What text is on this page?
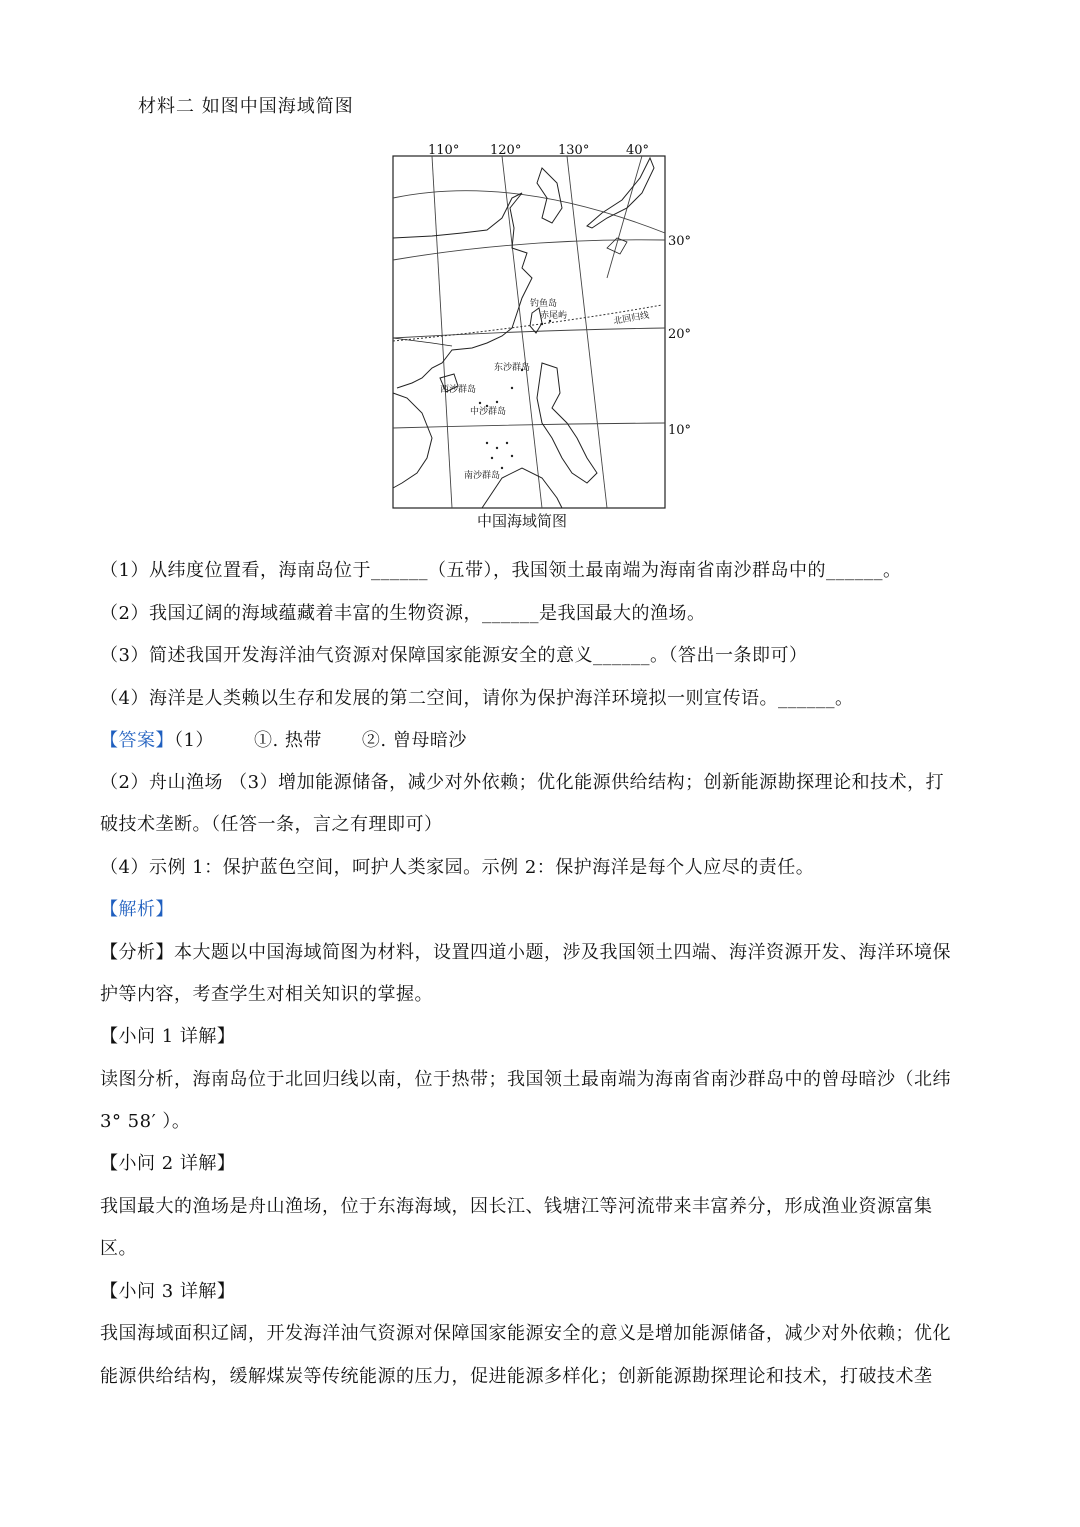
材料二 如图中国海域简图
110° 120°	130°	40°
30°
20°
10°
钓鱼岛
赤尾屿	北回归线
东沙群岛
西沙群岛
中沙群岛
南沙群岛
中国海域简图
（1）从纬度位置看，海南岛位于______（五带），我国领土最南端为海南省南沙群岛中的______。
（2）我国辽阔的海域蕴藏着丰富的生物资源，______是我国最大的渔场。
（3）简述我国开发海洋油气资源对保障国家能源安全的意义______。（答出一条即可）
（4）海洋是人类赖以生存和发展的第二空间，请你为保护海洋环境拟一则宣传语。______。
【答案】（1） ①. 热带 ②. 曾母暗沙
（2）舟山渔场 （3）增加能源储备，减少对外依赖；优化能源供给结构；创新能源勘探理论和技术，打
破技术垄断。（任答一条，言之有理即可）
（4）示例 1：保护蓝色空间，呵护人类家园。示例 2：保护海洋是每个人应尽的责任。
【解析】
【分析】本大题以中国海域简图为材料，设置四道小题，涉及我国领土四端、海洋资源开发、海洋环境保
护等内容，考查学生对相关知识的掌握。
【小问 1 详解】
读图分析，海南岛位于北回归线以南，位于热带；我国领土最南端为海南省南沙群岛中的曾母暗沙（北纬
3° 58′ ）。
【小问 2 详解】
我国最大的渔场是舟山渔场，位于东海海域，因长江、钱塘江等河流带来丰富养分，形成渔业资源富集
区。
【小问 3 详解】
我国海域面积辽阔，开发海洋油气资源对保障国家能源安全的意义是增加能源储备，减少对外依赖；优化
能源供给结构，缓解煤炭等传统能源的压力，促进能源多样化；创新能源勘探理论和技术，打破技术垄
